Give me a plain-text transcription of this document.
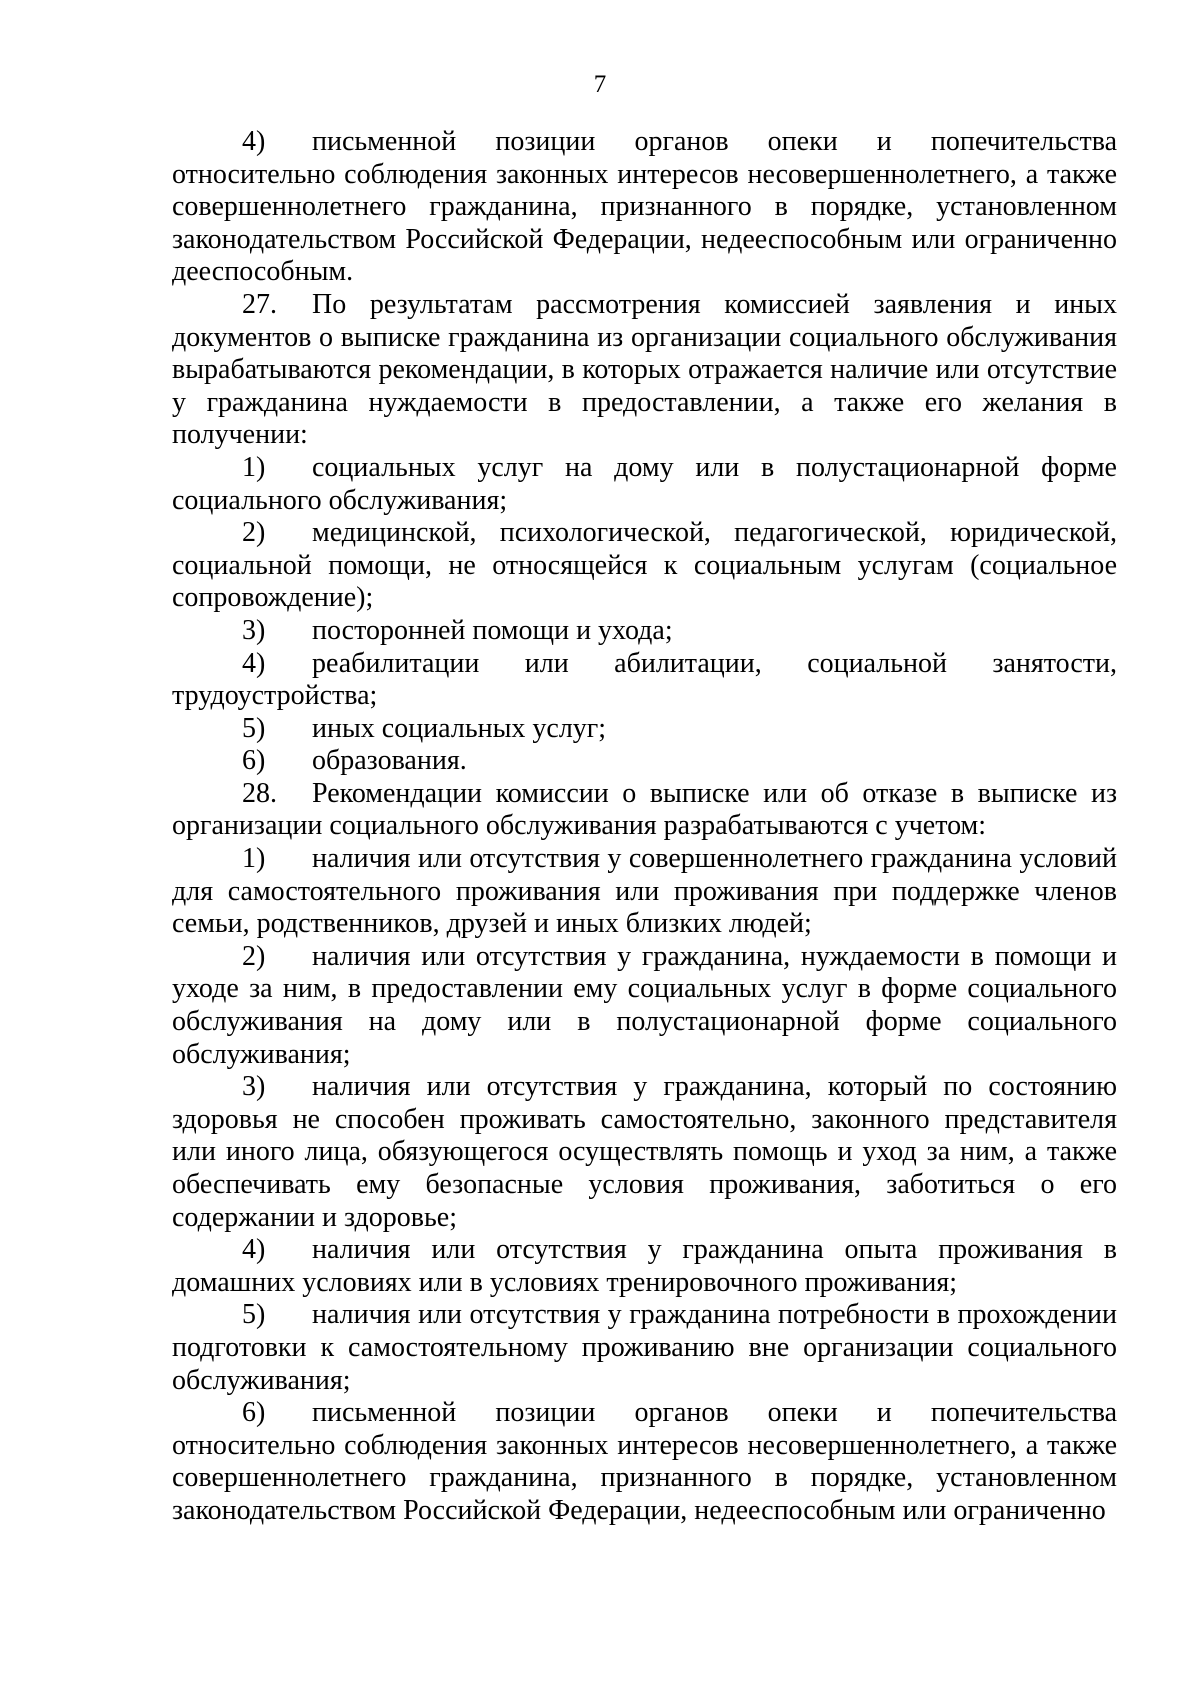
7

4) письменной позиции органов опеки и попечительства относительно соблюдения законных интересов несовершеннолетнего, а также совершеннолетнего гражданина, признанного в порядке, установленном законодательством Российской Федерации, недееспособным или ограниченно дееспособным.

27. По результатам рассмотрения комиссией заявления и иных документов о выписке гражданина из организации социального обслуживания вырабатываются рекомендации, в которых отражается наличие или отсутствие у гражданина нуждаемости в предоставлении, а также его желания в получении:

1) социальных услуг на дому или в полустационарной форме социального обслуживания;

2) медицинской, психологической, педагогической, юридической, социальной помощи, не относящейся к социальным услугам (социальное сопровождение);

3) посторонней помощи и ухода;

4) реабилитации или абилитации, социальной занятости, трудоустройства;

5) иных социальных услуг;

6) образования.

28. Рекомендации комиссии о выписке или об отказе в выписке из организации социального обслуживания разрабатываются с учетом:

1) наличия или отсутствия у совершеннолетнего гражданина условий для самостоятельного проживания или проживания при поддержке членов семьи, родственников, друзей и иных близких людей;

2) наличия или отсутствия у гражданина, нуждаемости в помощи и уходе за ним, в предоставлении ему социальных услуг в форме социального обслуживания на дому или в полустационарной форме социального обслуживания;

3) наличия или отсутствия у гражданина, который по состоянию здоровья не способен проживать самостоятельно, законного представителя или иного лица, обязующегося осуществлять помощь и уход за ним, а также обеспечивать ему безопасные условия проживания, заботиться о его содержании и здоровье;

4) наличия или отсутствия у гражданина опыта проживания в домашних условиях или в условиях тренировочного проживания;

5) наличия или отсутствия у гражданина потребности в прохождении подготовки к самостоятельному проживанию вне организации социального обслуживания;

6) письменной позиции органов опеки и попечительства относительно соблюдения законных интересов несовершеннолетнего, а также совершеннолетнего гражданина, признанного в порядке, установленном законодательством Российской Федерации, недееспособным или ограниченно
